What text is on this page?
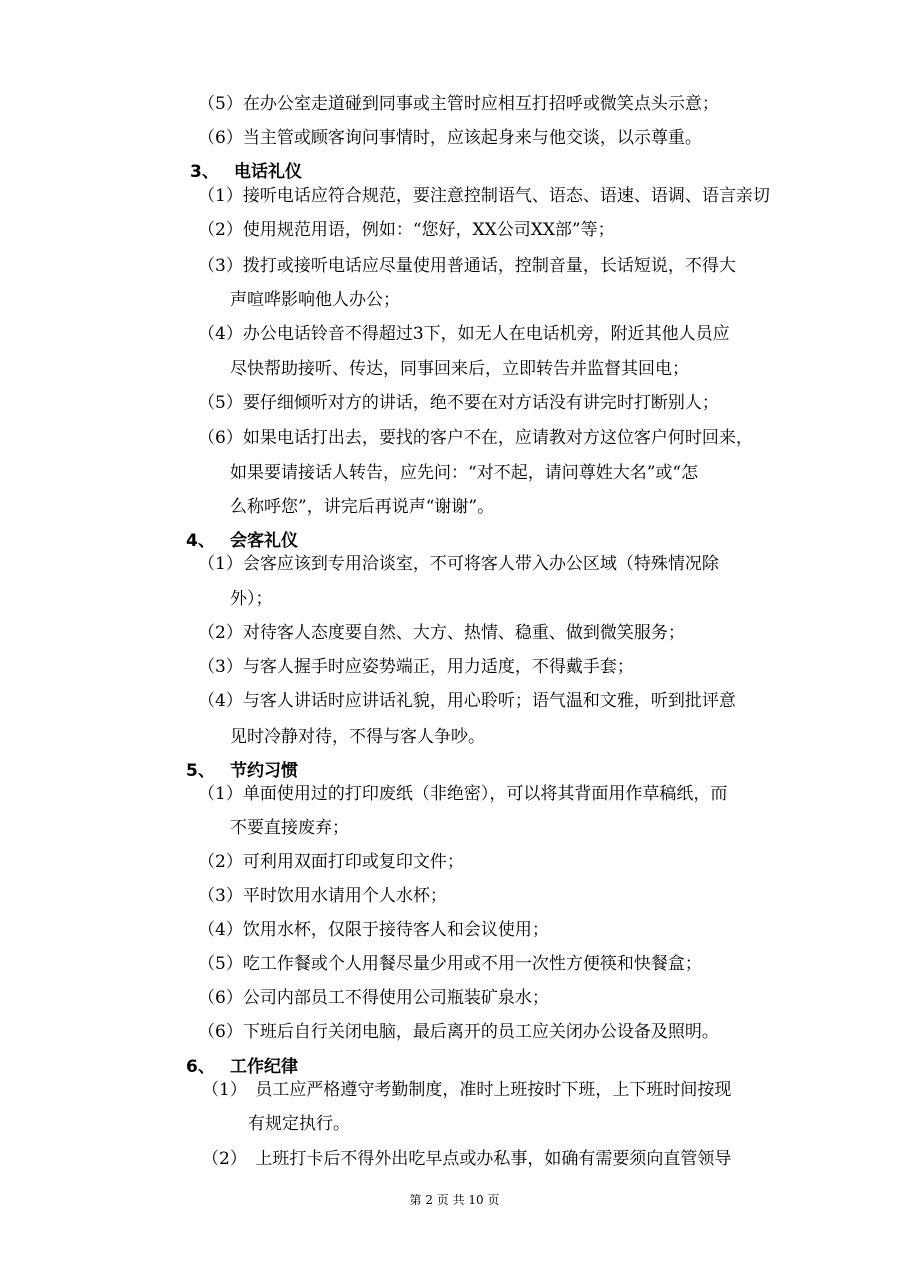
（5）在办公室走道碰到同事或主管时应相互打招呼或微笑点头示意；
（6）当主管或顾客询问事情时，应该起身来与他交谈，以示尊重。
3、 电话礼仪
（1）接听电话应符合规范，要注意控制语气、语态、语速、语调、语言亲切
（2）使用规范用语，例如：“您好，XX公司XX部”等；
（3）拨打或接听电话应尽量使用普通话，控制音量，长话短说，不得大
声喧哗影响他人办公；
（4）办公电话铃音不得超过3下，如无人在电话机旁，附近其他人员应
尽快帮助接听、传达，同事回来后，立即转告并监督其回电；
（5）要仔细倾听对方的讲话，绝不要在对方话没有讲完时打断别人；
（6）如果电话打出去，要找的客户不在，应请教对方这位客户何时回来，
如果要请接话人转告，应先问：“对不起，请问尊姓大名”或“怎
么称呼您”，讲完后再说声“谢谢”。
4、 会客礼仪
（1）会客应该到专用洽谈室，不可将客人带入办公区域（特殊情况除
外）；
（2）对待客人态度要自然、大方、热情、稳重、做到微笑服务；
（3）与客人握手时应姿势端正，用力适度，不得戴手套；
（4）与客人讲话时应讲话礼貌，用心聆听；语气温和文雅，听到批评意
见时冷静对待，不得与客人争吵。
5、 节约习惯
（1）单面使用过的打印废纸（非绝密），可以将其背面用作草稿纸，而
不要直接废弃；
（2）可利用双面打印或复印文件；
（3）平时饮用水请用个人水杯；
（4）饮用水杯，仅限于接待客人和会议使用；
（5）吃工作餐或个人用餐尽量少用或不用一次性方便筷和快餐盒；
（6）公司内部员工不得使用公司瓶装矿泉水；
（6）下班后自行关闭电脑，最后离开的员工应关闭办公设备及照明。
6、 工作纪律
（1）　员工应严格遵守考勤制度，准时上班按时下班，上下班时间按现
有规定执行。
（2）　上班打卡后不得外出吃早点或办私事，如确有需要须向直管领导
第 2 页 共 10 页
